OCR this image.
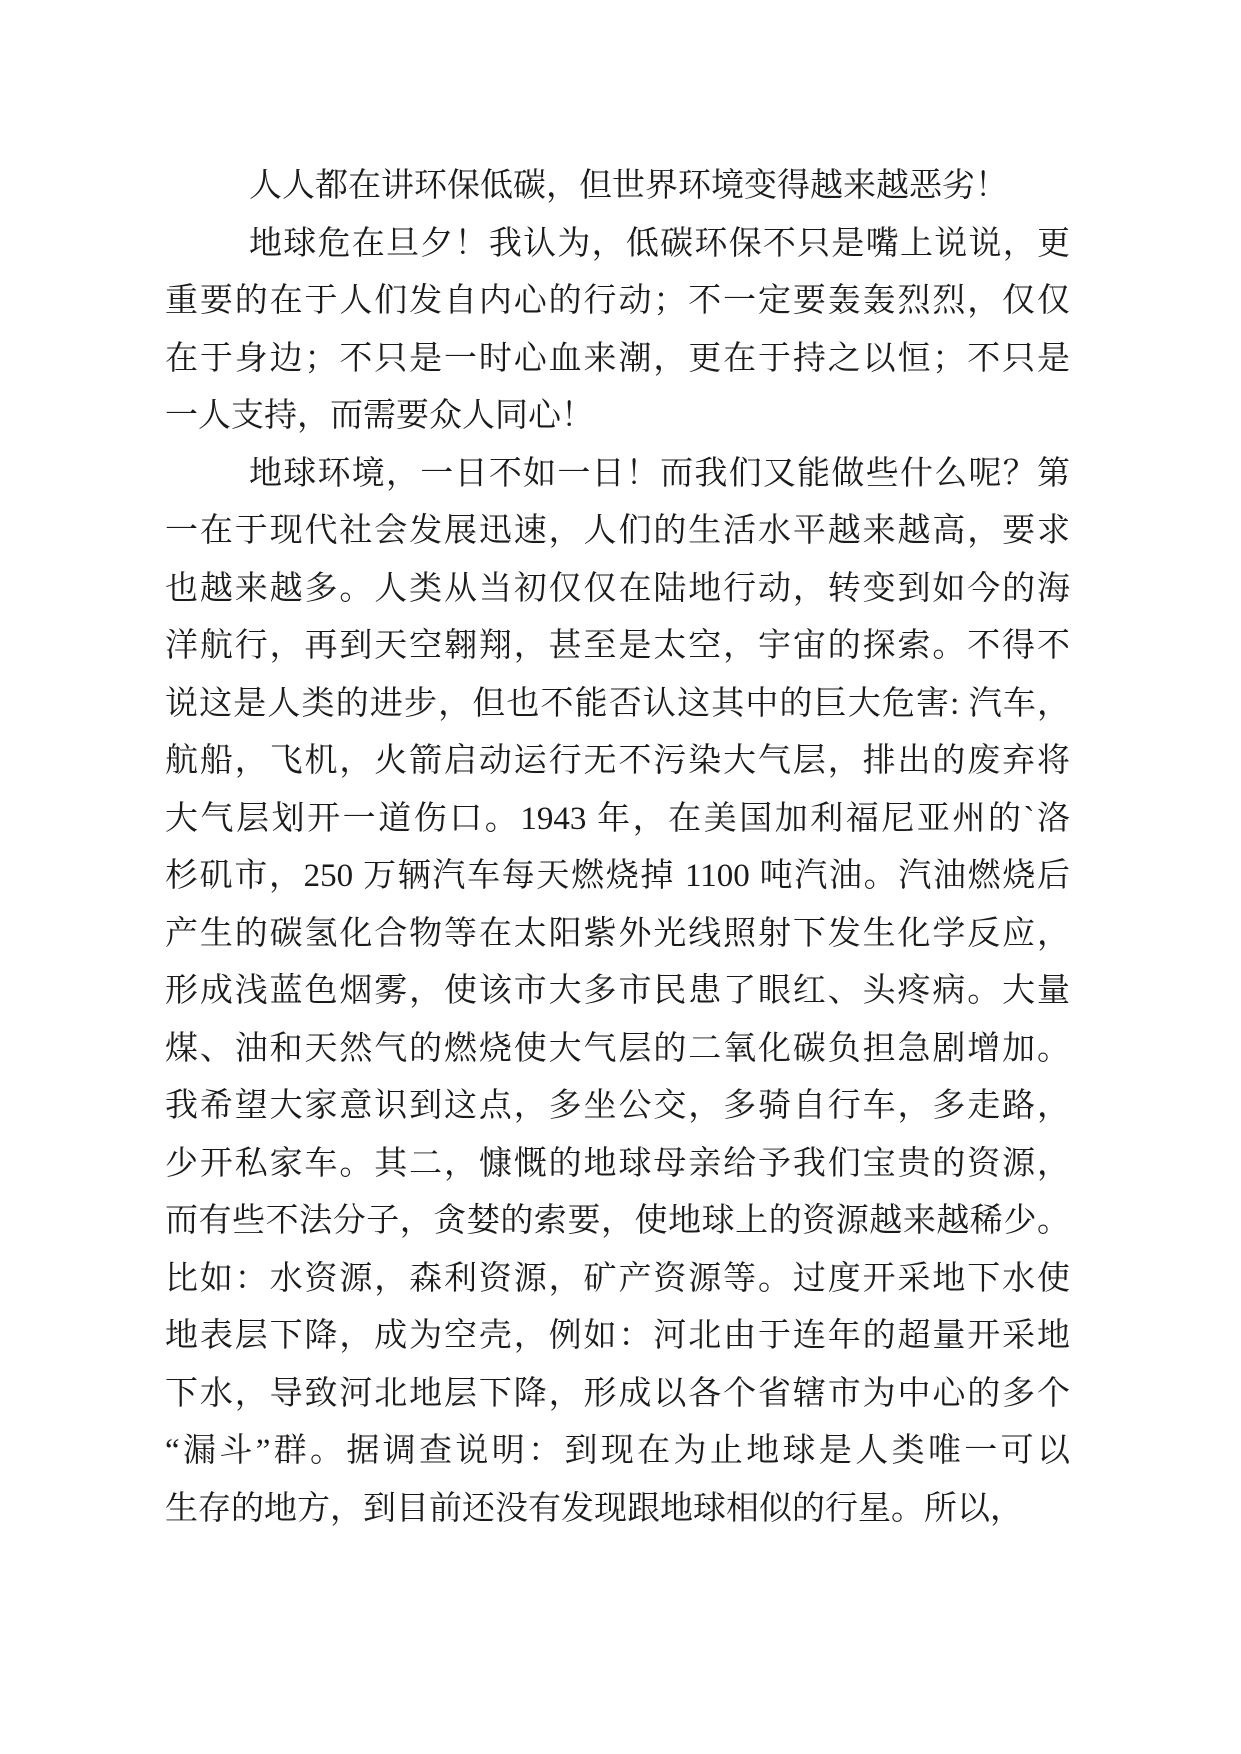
人人都在讲环保低碳，但世界环境变得越来越恶劣！
地球危在旦夕！我认为，低碳环保不只是嘴上说说，更
重要的在于人们发自内心的行动；不一定要轰轰烈烈，仅仅
在于身边；不只是一时心血来潮，更在于持之以恒；不只是
一人支持，而需要众人同心！
地球环境，一日不如一日！而我们又能做些什么呢？第
一在于现代社会发展迅速，人们的生活水平越来越高，要求
也越来越多。人类从当初仅仅在陆地行动，转变到如今的海
洋航行，再到天空翱翔，甚至是太空，宇宙的探索。不得不
说这是人类的进步，但也不能否认这其中的巨大危害: 汽车，
航船，飞机，火箭启动运行无不污染大气层，排出的废弃将
大气层划开一道伤口。1943 年，在美国加利福尼亚州的`洛
杉矶市，250 万辆汽车每天燃烧掉 1100 吨汽油。汽油燃烧后
产生的碳氢化合物等在太阳紫外光线照射下发生化学反应，
形成浅蓝色烟雾，使该市大多市民患了眼红、头疼病。大量
煤、油和天然气的燃烧使大气层的二氧化碳负担急剧增加。
我希望大家意识到这点，多坐公交，多骑自行车，多走路，
少开私家车。其二，慷慨的地球母亲给予我们宝贵的资源，
而有些不法分子，贪婪的索要，使地球上的资源越来越稀少。
比如：水资源，森利资源，矿产资源等。过度开采地下水使
地表层下降，成为空壳，例如：河北由于连年的超量开采地
下水，导致河北地层下降，形成以各个省辖市为中心的多个
“漏斗”群。据调查说明：到现在为止地球是人类唯一可以
生存的地方，到目前还没有发现跟地球相似的行星。所以，
